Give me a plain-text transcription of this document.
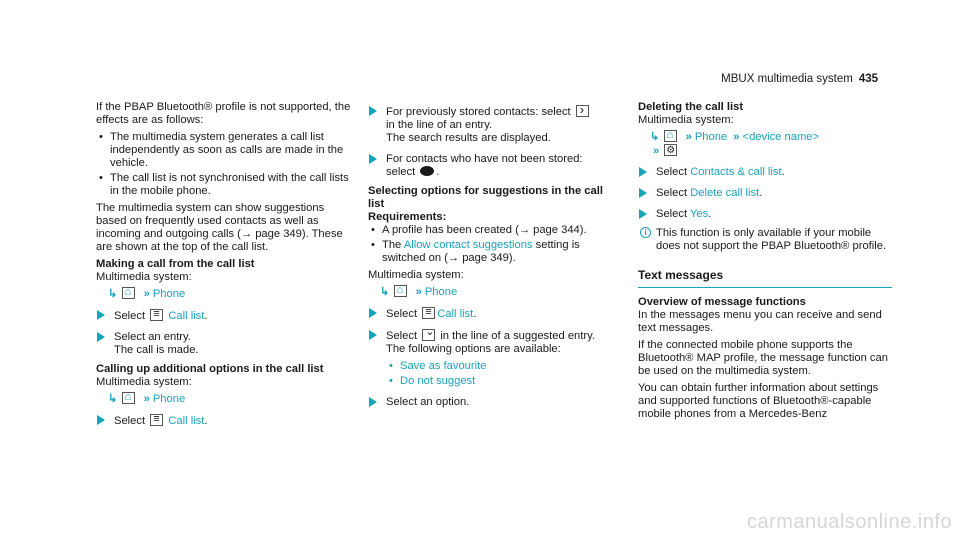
MBUX multimedia system 435

If the PBAP Bluetooth® profile is not supported, the effects are as follows:

• The multimedia system generates a call list independently as soon as calls are made in the vehicle.
• The call list is not synchronised with the call lists in the mobile phone.

The multimedia system can show suggestions based on frequently used contacts as well as incoming and outgoing calls (→ page 349). These are shown at the top of the call list.

Making a call from the call list

Multimedia system:

↳ ⌂ » Phone
Select ≡ Call list.
Select an entry.
The call is made.

Calling up additional options in the call list

Multimedia system:

↳ ⌂ » Phone
Select ≡ Call list.
For previously stored contacts: select ›
in the line of an entry.
The search results are displayed.
For contacts who have not been stored:
select .

Selecting options for suggestions in the call list

Requirements:

• A profile has been created (→ page 344).
• The Allow contact suggestions setting is switched on (→ page 349).

Multimedia system:

↳ ⌂ » Phone
Select ≡ Call list.
Select ⌄ in the line of a suggested entry.
The following options are available:
• Save as favourite
• Do not suggest
Select an option.

Deleting the call list

Multimedia system:

↳ ⌂ » Phone » <device name>
»⚙
Select Contacts & call list.
Select Delete call list.
Select Yes.
i This function is only available if your mobile does not support the PBAP Bluetooth® profile.
Text messages

Overview of message functions

In the messages menu you can receive and send text messages.

If the connected mobile phone supports the Bluetooth® MAP profile, the message function can be used on the multimedia system.

You can obtain further information about settings and supported functions of Bluetooth®-capable mobile phones from a Mercedes-Benz

carmanualsonline.info
